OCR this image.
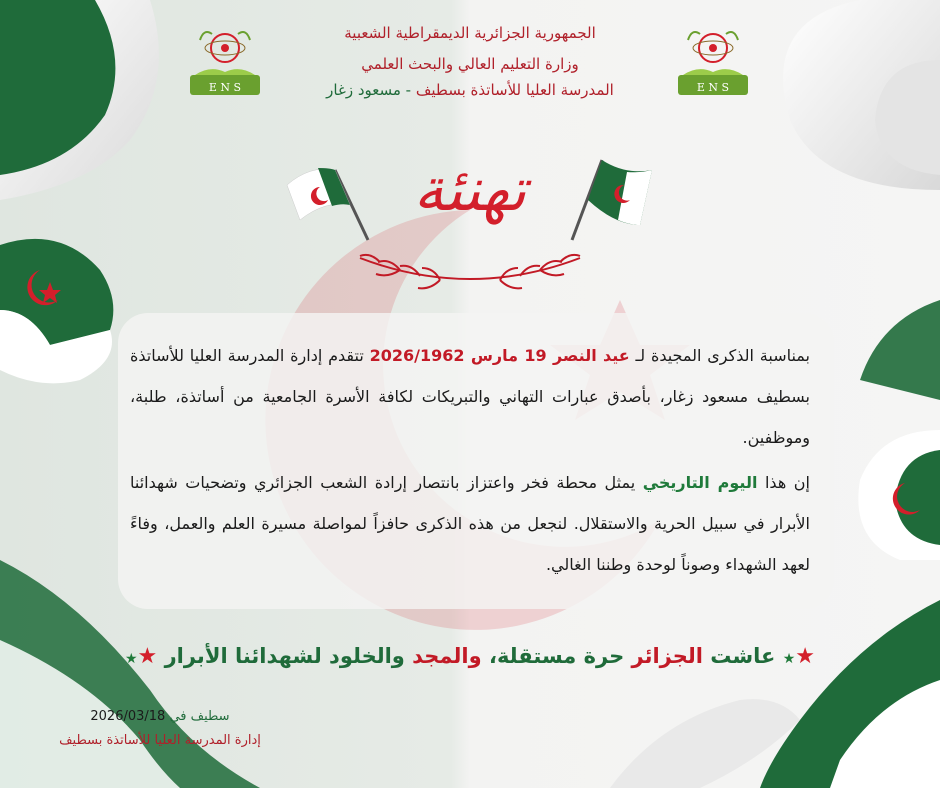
E N S	E N S
الجمهورية الجزائرية الديمقراطية الشعبية
وزارة التعليم العالي والبحث العلمي
المدرسة العليا للأساتذة بسطيف - مسعود زغار
تهنئة
بمناسبة الذكرى المجيدة لـ عيد النصر 19 مارس 2026/1962 تتقدم إدارة المدرسة العليا للأساتذة بسطيف مسعود زغار، بأصدق عبارات التهاني والتبريكات لكافة الأسرة الجامعية من أساتذة، طلبة، وموظفين.
إن هذا اليوم التاريخي يمثل محطة فخر واعتزاز بانتصار إرادة الشعب الجزائري وتضحيات شهدائنا الأبرار في سبيل الحرية والاستقلال. لنجعل من هذه الذكرى حافزاً لمواصلة مسيرة العلم والعمل، وفاءً لعهد الشهداء وصوناً لوحدة وطننا الغالي.
★★ عاشت الجزائر حرة مستقلة، والمجد والخلود لشهدائنا الأبرار ★★
سطيف في 2026/03/18
إدارة المدرسة العليا للأساتذة بسطيف
